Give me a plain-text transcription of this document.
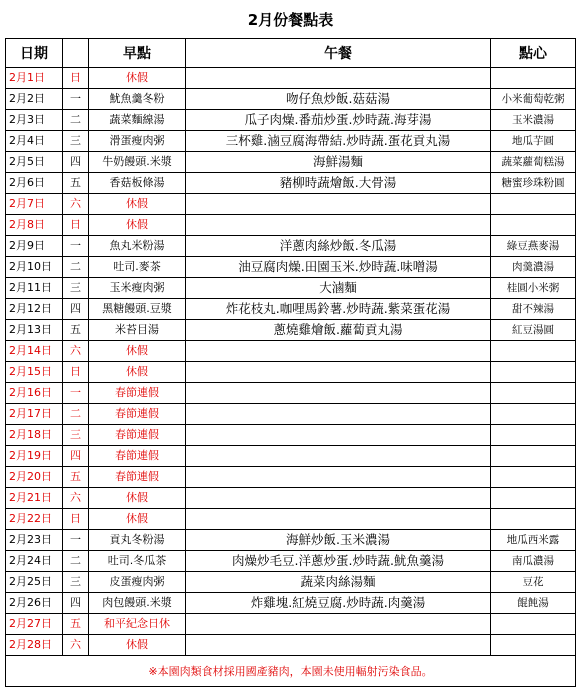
2月份餐點表
日期		早點	午餐	點心
2月1日	日	休假		
2月2日	一	魷魚羹冬粉	吻仔魚炒飯.菇菇湯	小米葡萄乾粥
2月3日	二	蔬菜麵線湯	瓜子肉燥.番茄炒蛋.炒時蔬.海芽湯	玉米濃湯
2月4日	三	滑蛋瘦肉粥	三杯雞.滷豆腐海帶結.炒時蔬.蛋花貢丸湯	地瓜芋圓
2月5日	四	牛奶饅頭.米漿	海鮮湯麵	蔬菜蘿蔔糕湯
2月6日	五	香菇板條湯	豬柳時蔬燴飯.大骨湯	糖蜜珍珠粉圓
2月7日	六	休假		
2月8日	日	休假		
2月9日	一	魚丸米粉湯	洋蔥肉絲炒飯.冬瓜湯	綠豆燕麥湯
2月10日	二	吐司.麥茶	油豆腐肉燥.田園玉米.炒時蔬.味噌湯	肉羹濃湯
2月11日	三	玉米瘦肉粥	大滷麵	桂圓小米粥
2月12日	四	黑糖饅頭.豆漿	炸花枝丸.咖哩馬鈴薯.炒時蔬.紫菜蛋花湯	甜不辣湯
2月13日	五	米苔目湯	蔥燒雞燴飯.蘿蔔貢丸湯	紅豆湯圓
2月14日	六	休假		
2月15日	日	休假		
2月16日	一	春節連假		
2月17日	二	春節連假		
2月18日	三	春節連假		
2月19日	四	春節連假		
2月20日	五	春節連假		
2月21日	六	休假		
2月22日	日	休假		
2月23日	一	貢丸冬粉湯	海鮮炒飯.玉米濃湯	地瓜西米露
2月24日	二	吐司.冬瓜茶	肉燥炒毛豆.洋蔥炒蛋.炒時蔬.魷魚羹湯	南瓜濃湯
2月25日	三	皮蛋瘦肉粥	蔬菜肉絲湯麵	豆花
2月26日	四	肉包饅頭.米漿	炸雞塊.紅燒豆腐.炒時蔬.肉羹湯	餛飩湯
2月27日	五	和平紀念日休		
2月28日	六	休假		
※本園肉類食材採用國產豬肉，本園未使用輻射污染食品。				
